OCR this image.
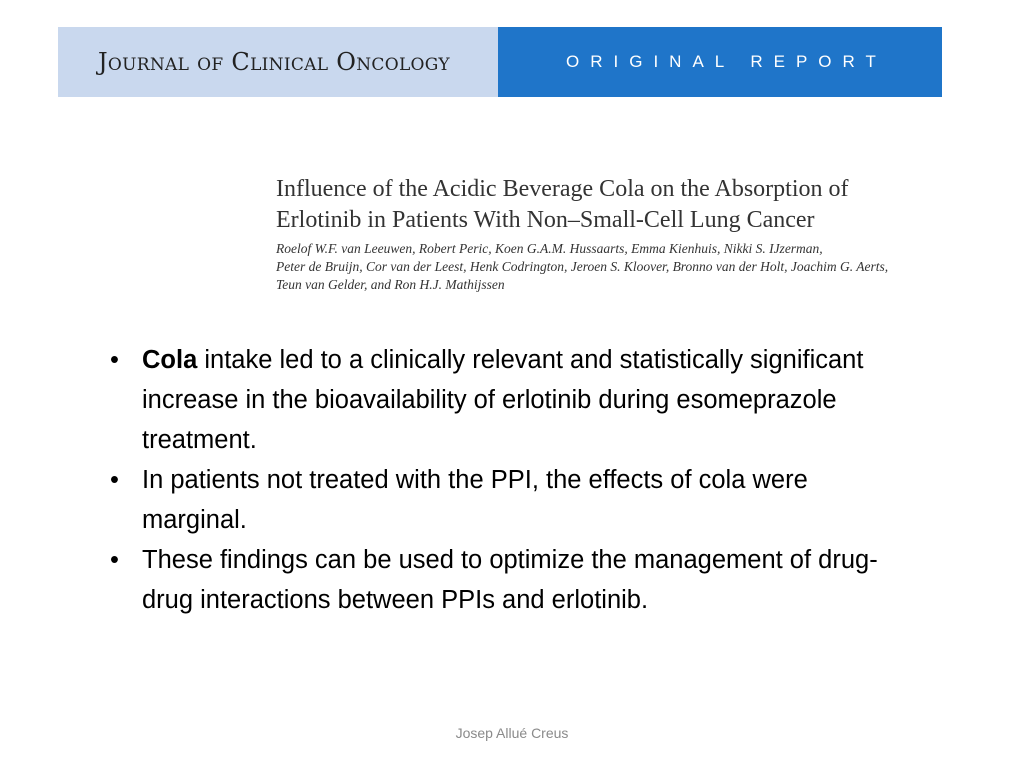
Journal of Clinical Oncology	ORIGINAL REPORT

Influence of the Acidic Beverage Cola on the Absorption of
Erlotinib in Patients With Non–Small-Cell Lung Cancer

Roelof W.F. van Leeuwen, Robert Peric, Koen G.A.M. Hussaarts, Emma Kienhuis, Nikki S. IJzerman,
Peter de Bruijn, Cor van der Leest, Henk Codrington, Jeroen S. Kloover, Bronno van der Holt, Joachim G. Aerts,
Teun van Gelder, and Ron H.J. Mathijssen
• Cola intake led to a clinically relevant and statistically significant increase in the bioavailability of erlotinib during esomeprazole treatment.
• In patients not treated with the PPI, the effects of cola were marginal.
• These findings can be used to optimize the management of drug-drug interactions between PPIs and erlotinib.
Josep Allué Creus
